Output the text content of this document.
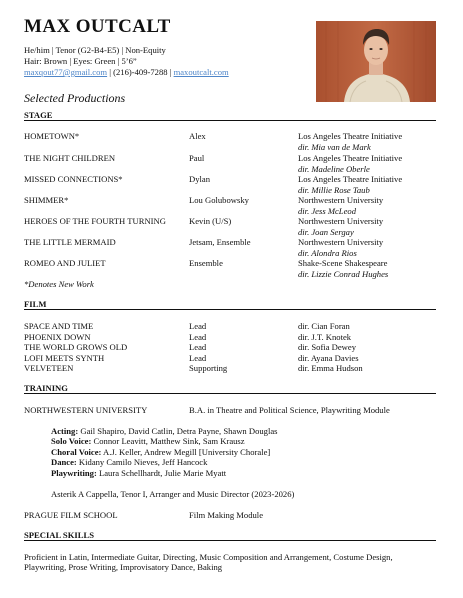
MAX OUTCALT
He/him | Tenor (G2-B4-E5) | Non-Equity
Hair: Brown | Eyes: Green | 5’6”
maxqout77@gmail.com | (216)-409-7288 | maxoutcalt.com
Selected Productions
STAGE
HOMETOWN*	Alex	Los Angeles Theatre Initiative
dir. Mia van de Mark
THE NIGHT CHILDREN	Paul	Los Angeles Theatre Initiative
dir. Madeline Oberle
MISSED CONNECTIONS*	Dylan	Los Angeles Theatre Initiative
dir. Millie Rose Taub
SHIMMER*	Lou Golubowsky	Northwestern University
dir. Jess McLeod
HEROES OF THE FOURTH TURNING	Kevin (U/S)	Northwestern University
dir. Joan Sergay
THE LITTLE MERMAID	Jetsam, Ensemble	Northwestern University
dir. Alondra Rios
ROMEO AND JULIET	Ensemble	Shake-Scene Shakespeare
dir. Lizzie Conrad Hughes
*Denotes New Work
FILM
SPACE AND TIME	Lead	dir. Cian Foran
PHOENIX DOWN	Lead	dir. J.T. Knotek
THE WORLD GROWS OLD	Lead	dir. Sofia Dewey
LOFI MEETS SYNTH	Lead	dir. Ayana Davies
VELVETEEN	Supporting	dir. Emma Hudson
TRAINING
NORTHWESTERN UNIVERSITY	B.A. in Theatre and Political Science, Playwriting Module
Acting: Gail Shapiro, David Catlin, Detra Payne, Shawn Douglas
Solo Voice: Connor Leavitt, Matthew Sink, Sam Krausz
Choral Voice: A.J. Keller, Andrew Megill [University Chorale]
Dance: Kidany Camilo Nieves, Jeff Hancock
Playwriting: Laura Schellhardt, Julie Marie Myatt
Asterik A Cappella, Tenor I, Arranger and Music Director (2023-2026)
PRAGUE FILM SCHOOL	Film Making Module
SPECIAL SKILLS
Proficient in Latin, Intermediate Guitar, Directing, Music Composition and Arrangement, Costume Design, Playwriting, Prose Writing, Improvisatory Dance, Baking
